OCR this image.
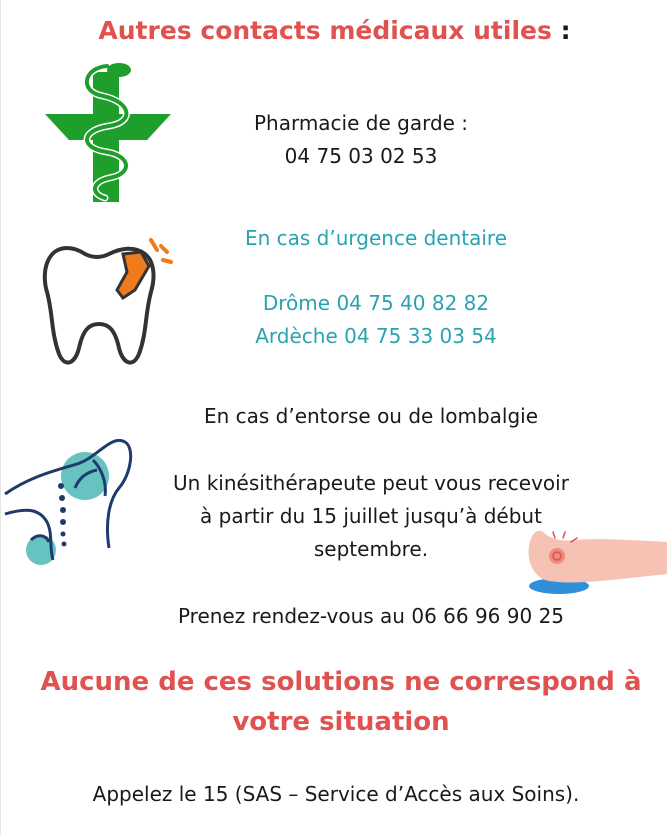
Autres contacts médicaux utiles :
Pharmacie de garde :
04 75 03 02 53
En cas d’urgence dentaire
Drôme 04 75 40 82 82
Ardèche 04 75 33 03 54
En cas d’entorse ou de lombalgie
Un kinésithérapeute peut vous recevoir
à partir du 15 juillet jusqu’à début
septembre.
Prenez rendez-vous au 06 66 96 90 25
Aucune de ces solutions ne correspond à
votre situation
Appelez le 15 (SAS – Service d’Accès aux Soins).
